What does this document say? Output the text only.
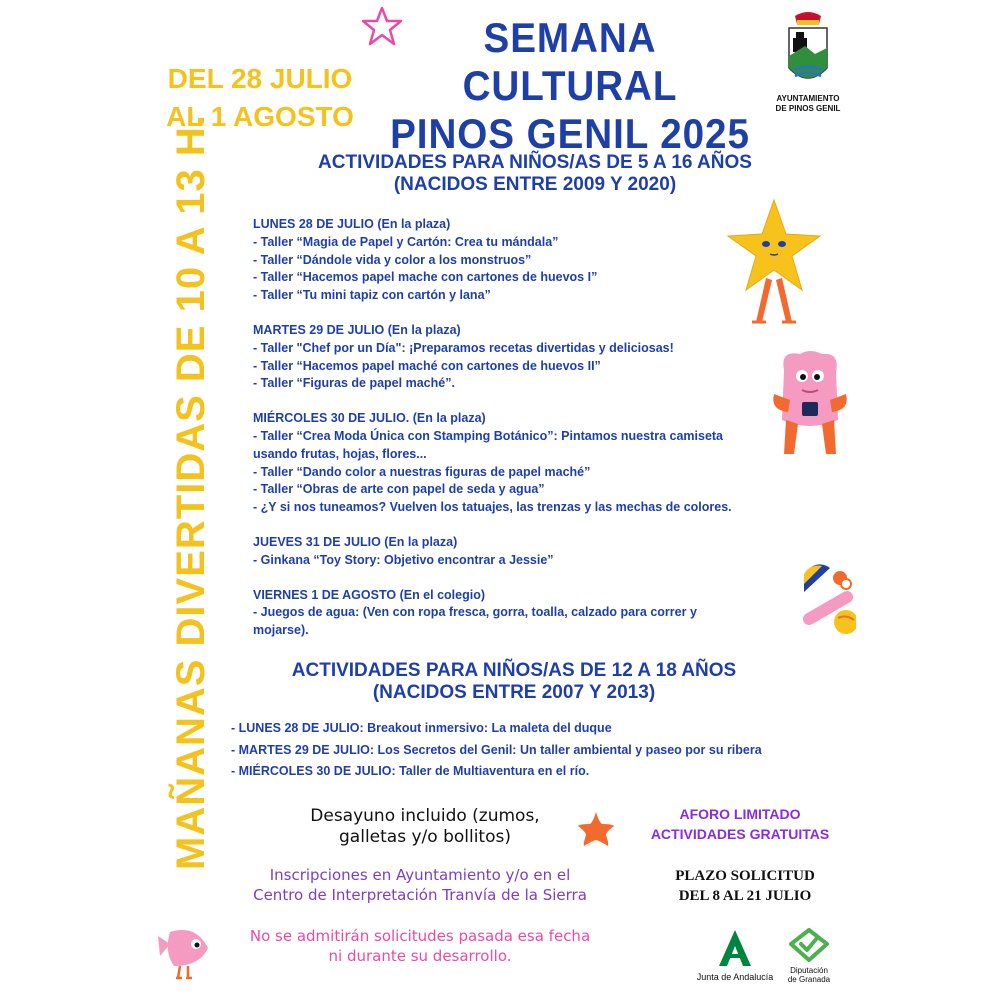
SEMANA CULTURAL
PINOS GENIL 2025
DEL 28 JULIO
AL 1 AGOSTO
AYUNTAMIENTO
DE PINOS GENIL
MAÑANAS DIVERTIDAS DE 10 A 13 H.	ACTIVIDADES PARA NIÑOS/AS DE 5 A 16 AÑOS
(NACIDOS ENTRE 2009 Y 2020)
LUNES 28 DE JULIO (En la plaza)
- Taller “Magia de Papel y Cartón: Crea tu mándala”
- Taller “Dándole vida y color a los monstruos”
- Taller “Hacemos papel mache con cartones de huevos I”
- Taller “Tu mini tapiz con cartón y lana”
MARTES 29 DE JULIO (En la plaza)
- Taller "Chef por un Día": ¡Preparamos recetas divertidas y deliciosas!
- Taller “Hacemos papel maché con cartones de huevos II”
- Taller “Figuras de papel maché”.
MIÉRCOLES 30 DE JULIO. (En la plaza)
- Taller “Crea Moda Única con Stamping Botánico”: Pintamos nuestra camiseta
usando frutas, hojas, flores...
- Taller “Dando color a nuestras figuras de papel maché”
- Taller “Obras de arte con papel de seda y agua”
- ¿Y si nos tuneamos? Vuelven los tatuajes, las trenzas y las mechas de colores.
JUEVES 31 DE JULIO (En la plaza)
- Ginkana “Toy Story: Objetivo encontrar a Jessie”
VIERNES 1 DE AGOSTO (En el colegio)
- Juegos de agua: (Ven con ropa fresca, gorra, toalla, calzado para correr y
mojarse).
ACTIVIDADES PARA NIÑOS/AS DE 12 A 18 AÑOS
(NACIDOS ENTRE 2007 Y 2013)
- LUNES 28 DE JULIO: Breakout inmersivo: La maleta del duque
- MARTES 29 DE JULIO: Los Secretos del Genil: Un taller ambiental y paseo por su ribera
- MIÉRCOLES 30 DE JULIO: Taller de Multiaventura en el río.
Desayuno incluido (zumos,
galletas y/o bollitos)
AFORO LIMITADO
ACTIVIDADES GRATUITAS
Inscripciones en Ayuntamiento y/o en el
Centro de Interpretación Tranvía de la Sierra
PLAZO SOLICITUD
DEL 8 AL 21 JULIO
No se admitirán solicitudes pasada esa fecha
ni durante su desarrollo.
Junta de Andalucía
Diputación
de Granada
